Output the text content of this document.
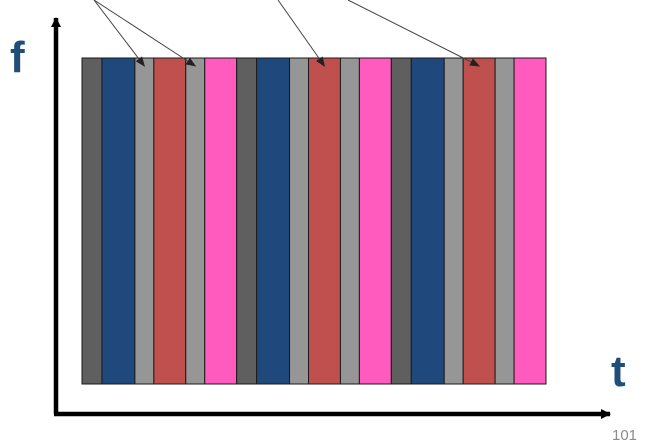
f
t
101
